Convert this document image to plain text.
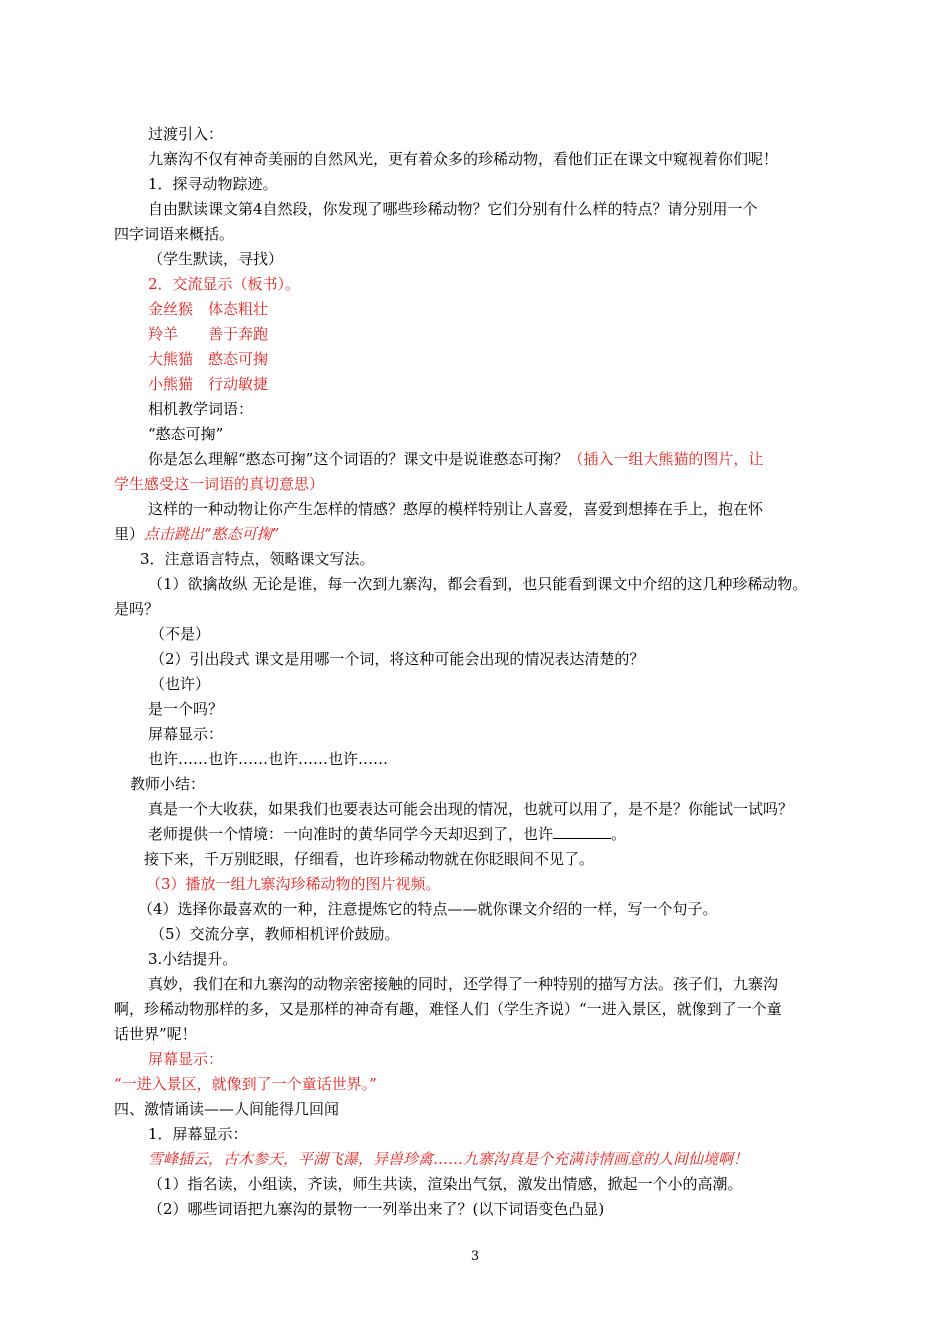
过渡引入：
九寨沟不仅有神奇美丽的自然风光，更有着众多的珍稀动物，看他们正在课文中窥视着你们呢！
1．探寻动物踪迹。
自由默读课文第4自然段，你发现了哪些珍稀动物？它们分别有什么样的特点？请分别用一个
四字词语来概括。
（学生默读，寻找）
2．交流显示（板书）。
金丝猴　体态粗壮
羚羊　　善于奔跑
大熊猫　憨态可掬
小熊猫　行动敏捷
相机教学词语：
“憨态可掬”
你是怎么理解“憨态可掬”这个词语的？课文中是说谁憨态可掬？（插入一组大熊猫的图片，让
学生感受这一词语的真切意思）
这样的一种动物让你产生怎样的情感？憨厚的模样特别让人喜爱，喜爱到想捧在手上，抱在怀
里）点击跳出“憨态可掬”
3．注意语言特点，领略课文写法。
（1）欲擒故纵 无论是谁，每一次到九寨沟，都会看到，也只能看到课文中介绍的这几种珍稀动物。
是吗？
（不是）
（2）引出段式 课文是用哪一个词，将这种可能会出现的情况表达清楚的？
（也许）
是一个吗？
屏幕显示：
也许……也许……也许……也许……
教师小结：
真是一个大收获，如果我们也要表达可能会出现的情况，也就可以用了，是不是？你能试一试吗？
老师提供一个情境：一向准时的黄华同学今天却迟到了，也许	。
接下来，千万别眨眼，仔细看，也许珍稀动物就在你眨眼间不见了。
（3）播放一组九寨沟珍稀动物的图片视频。
（4）选择你最喜欢的一种，注意提炼它的特点——就你课文介绍的一样，写一个句子。
（5）交流分享，教师相机评价鼓励。
3.小结提升。
真妙，我们在和九寨沟的动物亲密接触的同时，还学得了一种特别的描写方法。孩子们，九寨沟
啊，珍稀动物那样的多，又是那样的神奇有趣，难怪人们（学生齐说）“一进入景区，就像到了一个童
话世界”呢！
屏幕显示：
“一进入景区，就像到了一个童话世界。”
四、激情诵读——人间能得几回闻
1．屏幕显示：
雪峰插云，古木参天，平湖飞瀑，异兽珍禽……九寨沟真是个充满诗情画意的人间仙境啊！
（1）指名读，小组读，齐读，师生共读，渲染出气氛，激发出情感，掀起一个小的高潮。
（2）哪些词语把九寨沟的景物一一列举出来了？(以下词语变色凸显)
3
